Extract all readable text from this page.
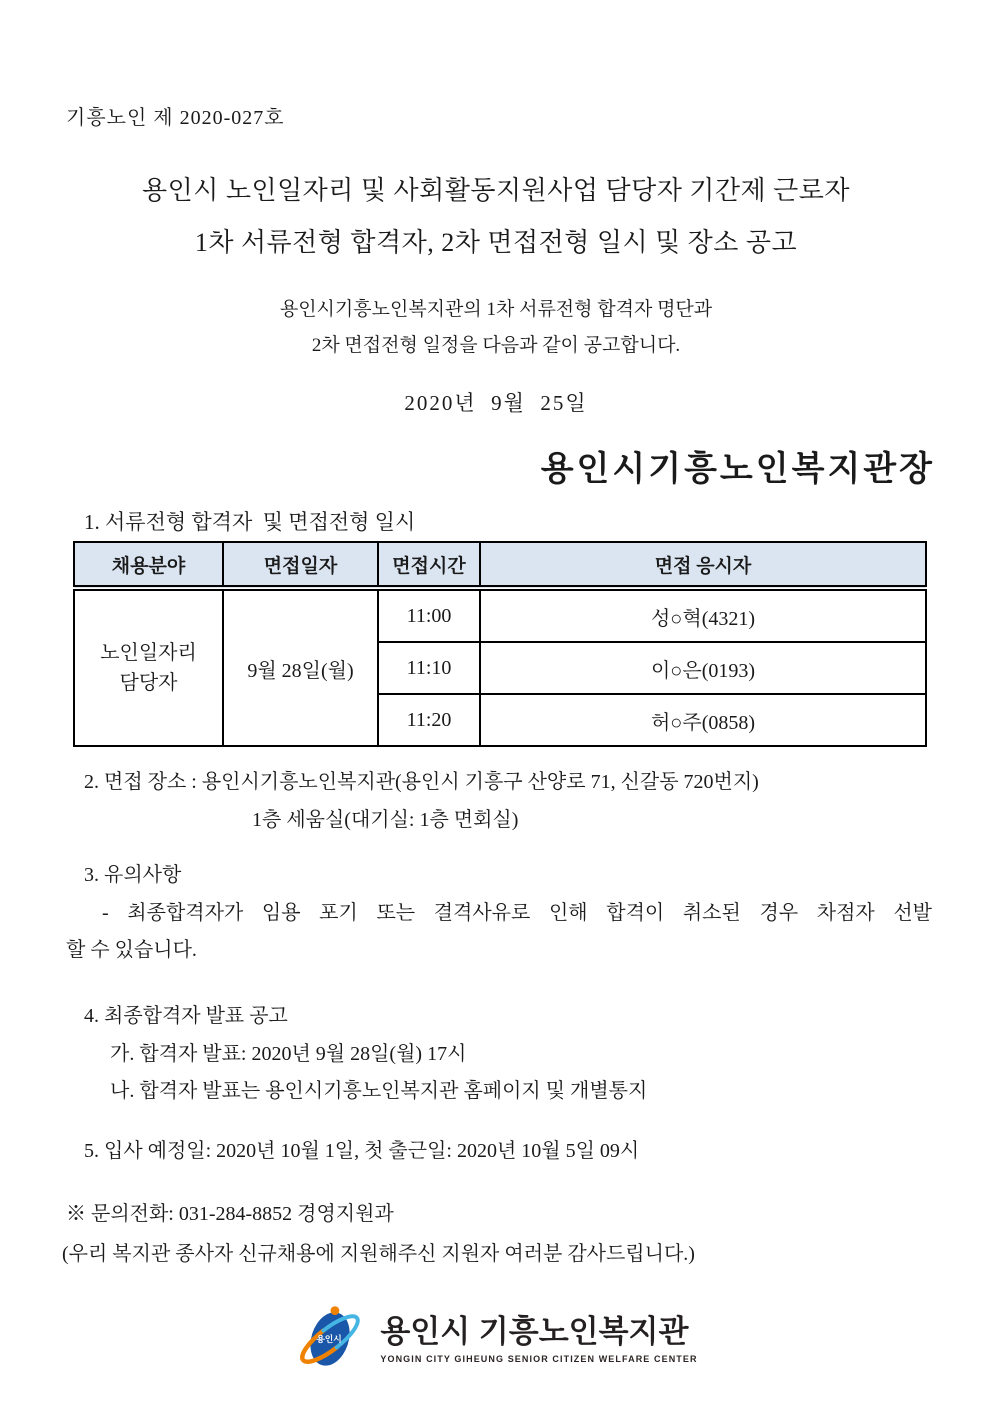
기흥노인 제 2020-027호
용인시 노인일자리 및 사회활동지원사업 담당자 기간제 근로자
1차 서류전형 합격자, 2차 면접전형 일시 및 장소 공고
용인시기흥노인복지관의 1차 서류전형 합격자 명단과
2차 면접전형 일정을 다음과 같이 공고합니다.
2020년  9월  25일
용인시기흥노인복지관장
1. 서류전형 합격자  및 면접전형 일시
채용분야	면접일자	면접시간	면접 응시자
노인일자리
담당자	9월 28일(월)	11:00	성○혁(4321)
		11:10	이○은(0193)
		11:20	허○주(0858)
2. 면접 장소 : 용인시기흥노인복지관(용인시 기흥구 산양로 71, 신갈동 720번지)
1층 세움실(대기실: 1층 면회실)
3. 유의사항
- 최종합격자가 임용 포기 또는 결격사유로 인해 합격이 취소된 경우 차점자 선발
할 수 있습니다.
4. 최종합격자 발표 공고
가. 합격자 발표: 2020년 9월 28일(월) 17시
나. 합격자 발표는 용인시기흥노인복지관 홈페이지 및 개별통지
5. 입사 예정일: 2020년 10월 1일, 첫 출근일: 2020년 10월 5일 09시
※ 문의전화: 031-284-8852 경영지원과
(우리 복지관 종사자 신규채용에 지원해주신 지원자 여러분 감사드립니다.)
용인시 용인시 기흥노인복지관
YONGIN CITY GIHEUNG SENIOR CITIZEN WELFARE CENTER
